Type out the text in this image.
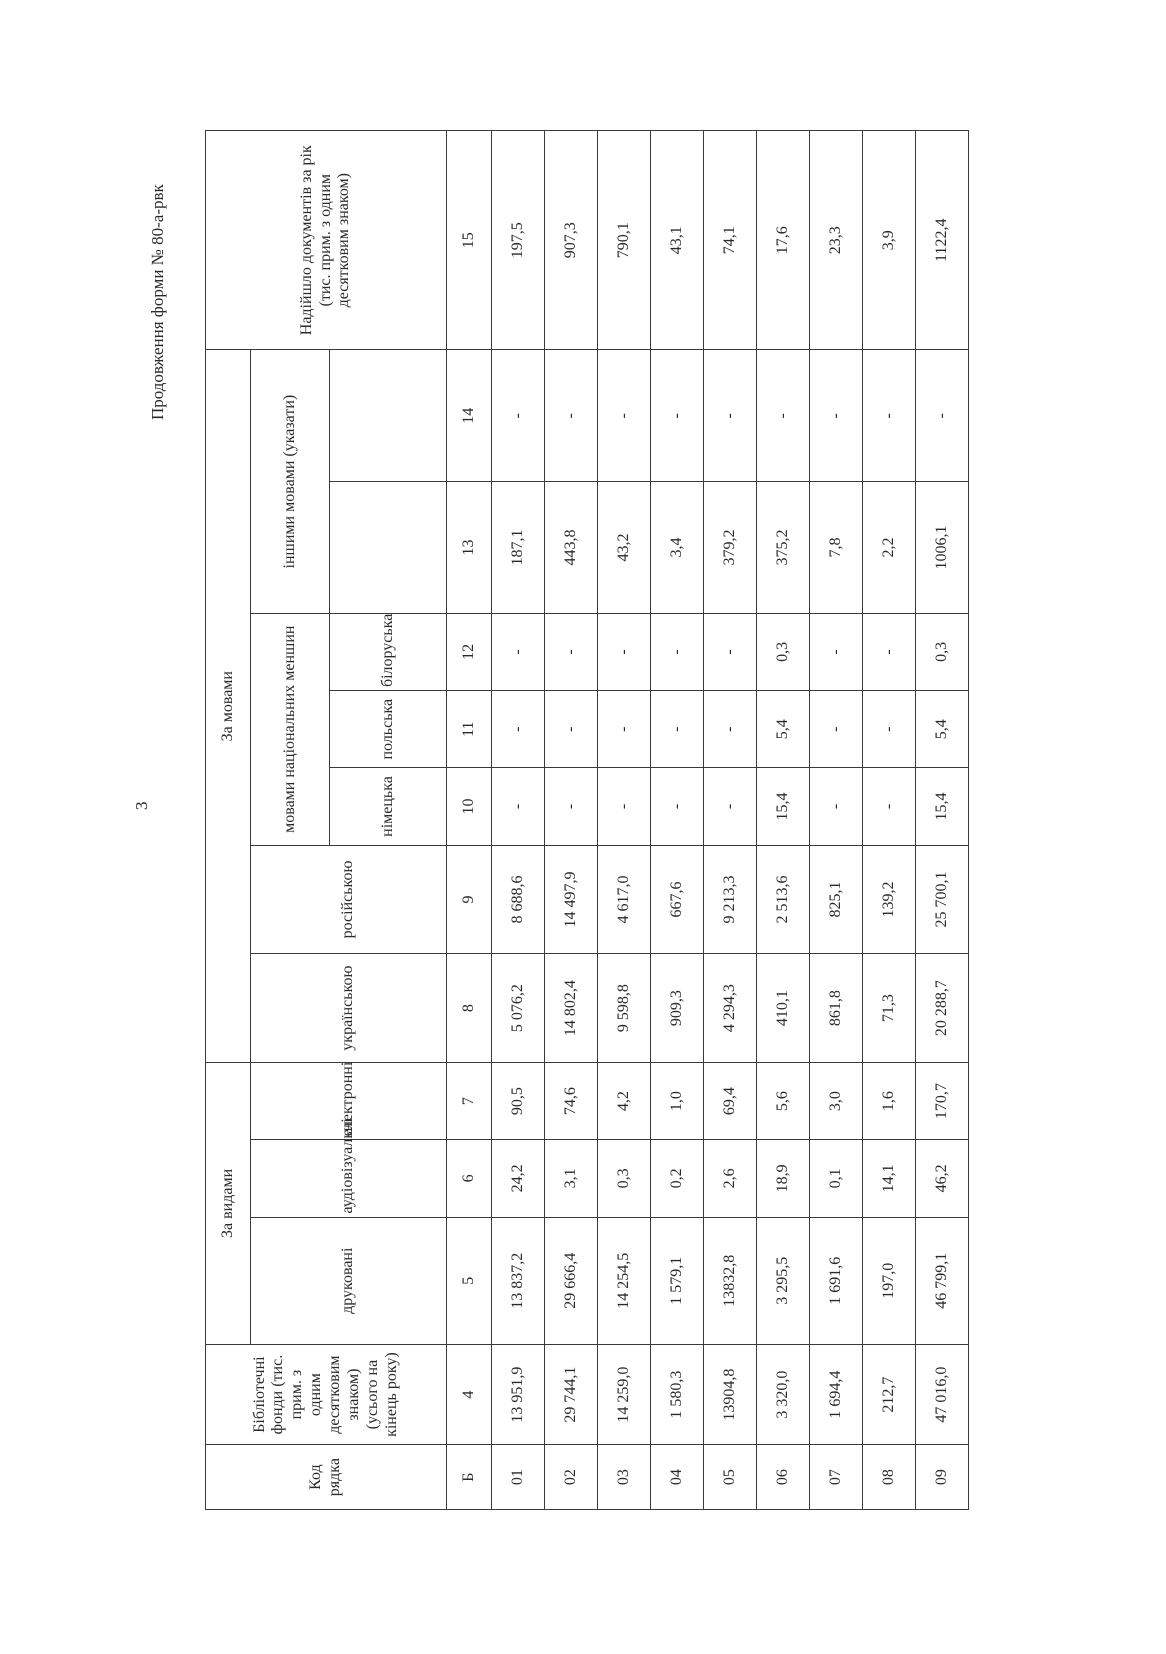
3
Продовження форми № 80-а-рвк
Код рядка	Бібліотечні фонди (тис. прим. з одним десятковим знаком) (усього на кінець року)	За видами			За мовами							Надійшло документів за рік (тис. прим. з одним десятковим знаком)
		друковані	аудіовізуальні	електронні	українською	російською	мовами національних меншин			іншими мовами (указати)		
							німецька	польська	білоруська			
Б	4	5	6	7	8	9	10	11	12	13	14	15
01	13 951,9	13 837,2	24,2	90,5	5 076,2	8 688,6	-	-	-	187,1	-	197,5
02	29 744,1	29 666,4	3,1	74,6	14 802,4	14 497,9	-	-	-	443,8	-	907,3
03	14 259,0	14 254,5	0,3	4,2	9 598,8	4 617,0	-	-	-	43,2	-	790,1
04	1 580,3	1 579,1	0,2	1,0	909,3	667,6	-	-	-	3,4	-	43,1
05	13904,8	13832,8	2,6	69,4	4 294,3	9 213,3	-	-	-	379,2	-	74,1
06	3 320,0	3 295,5	18,9	5,6	410,1	2 513,6	15,4	5,4	0,3	375,2	-	17,6
07	1 694,4	1 691,6	0,1	3,0	861,8	825,1	-	-	-	7,8	-	23,3
08	212,7	197,0	14,1	1,6	71,3	139,2	-	-	-	2,2	-	3,9
09	47 016,0	46 799,1	46,2	170,7	20 288,7	25 700,1	15,4	5,4	0,3	1006,1	-	1122,4
